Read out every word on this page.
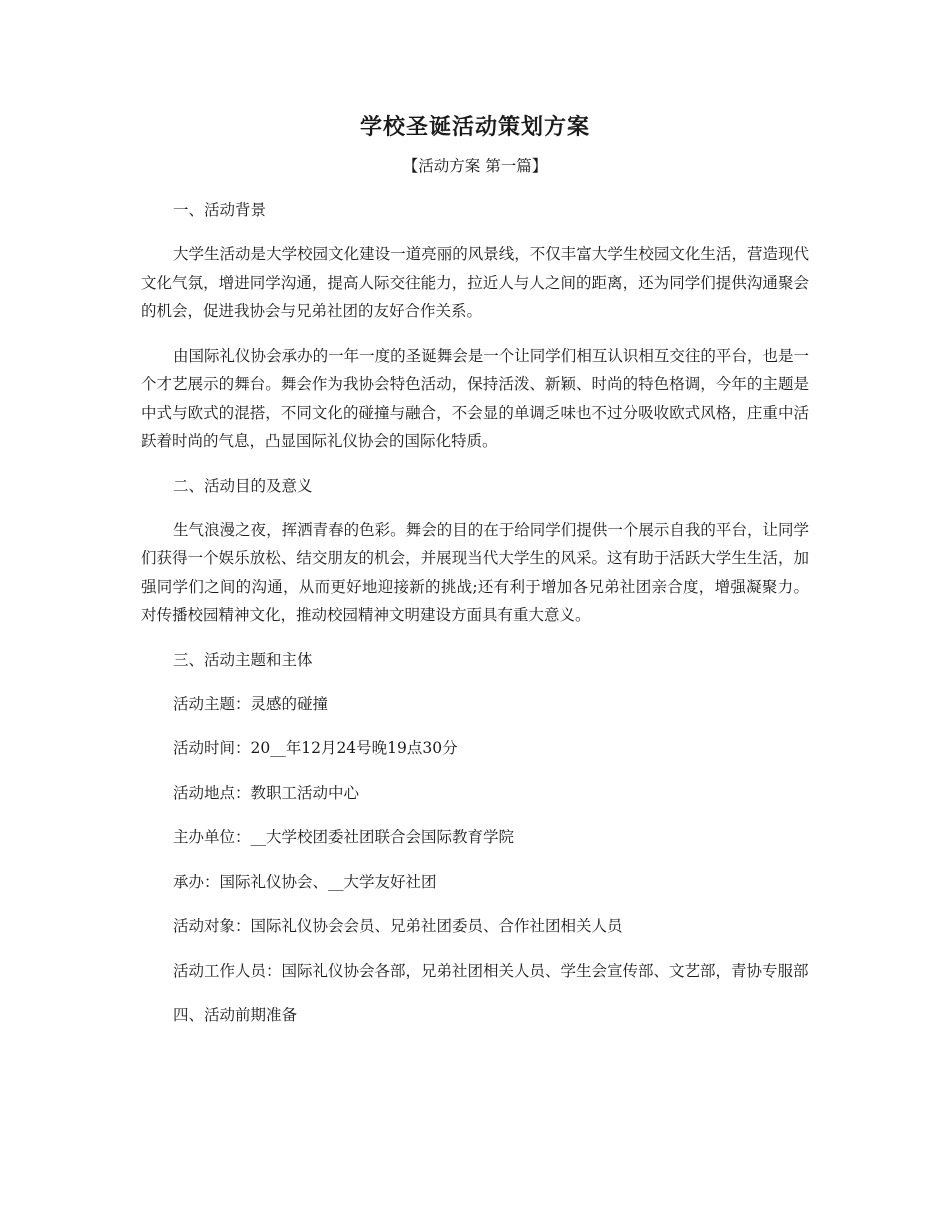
学校圣诞活动策划方案

【活动方案 第一篇】

一、活动背景

大学生活动是大学校园文化建设一道亮丽的风景线，不仅丰富大学生校园文化生活，营造现代文化气氛，增进同学沟通，提高人际交往能力，拉近人与人之间的距离，还为同学们提供沟通聚会的机会，促进我协会与兄弟社团的友好合作关系。

由国际礼仪协会承办的一年一度的圣诞舞会是一个让同学们相互认识相互交往的平台，也是一个才艺展示的舞台。舞会作为我协会特色活动，保持活泼、新颖、时尚的特色格调，今年的主题是中式与欧式的混搭，不同文化的碰撞与融合，不会显的单调乏味也不过分吸收欧式风格，庄重中活跃着时尚的气息，凸显国际礼仪协会的国际化特质。

二、活动目的及意义

生气浪漫之夜，挥洒青春的色彩。舞会的目的在于给同学们提供一个展示自我的平台，让同学们获得一个娱乐放松、结交朋友的机会，并展现当代大学生的风采。这有助于活跃大学生生活，加强同学们之间的沟通，从而更好地迎接新的挑战;还有利于增加各兄弟社团亲合度，增强凝聚力。对传播校园精神文化，推动校园精神文明建设方面具有重大意义。

三、活动主题和主体

活动主题：灵感的碰撞

活动时间：20__年12月24号晚19点30分

活动地点：教职工活动中心

主办单位：__大学校团委社团联合会国际教育学院

承办：国际礼仪协会、__大学友好社团

活动对象：国际礼仪协会会员、兄弟社团委员、合作社团相关人员

活动工作人员：国际礼仪协会各部，兄弟社团相关人员、学生会宣传部、文艺部，青协专服部

四、活动前期准备
